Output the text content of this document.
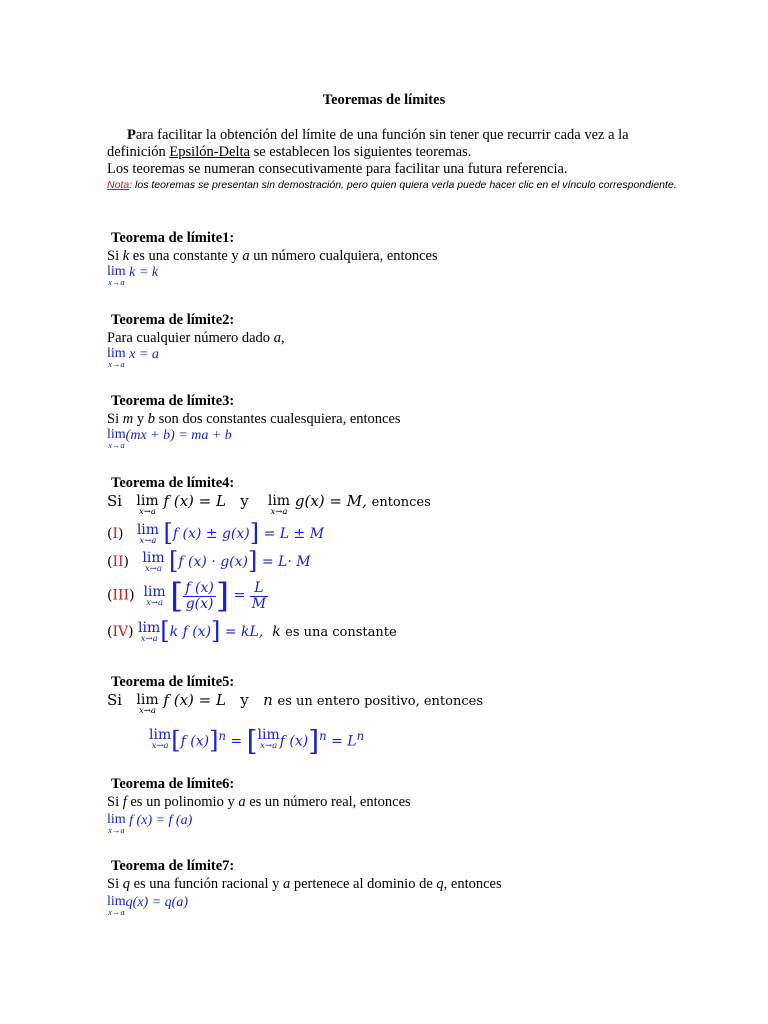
Teoremas de límites

Para facilitar la obtención del límite de una función sin tener que recurrir cada vez a la

definición Epsilón-Delta se establecen los siguientes teoremas.

Los teoremas se numeran consecutivamente para facilitar una futura referencia.

Nota: los teoremas se presentan sin demostración, pero quien quiera verla puede hacer clic en el vínculo correspondiente.

Teorema de límite1:
Si k es una constante y a un número cualquiera, entonces
lim
x→a
k = k
Teorema de límite2:
Para cualquier número dado a,
lim
x→a
x = a
Teorema de límite3:
Si m y b son dos constantes cualesquiera, entonces
lim
x→a
(mx + b) = ma + b
Teorema de límite4:
Si lim
x→a
f (x) = L y lim
x→a
g(x) = M, entonces
(I) lim
x→a [f (x) ± g(x)] = L ± M
(II) lim
x→a [f (x) · g(x)] = L· M
(III) lim
x→a [ $\frac{f (x)}{g(x)}$ ] = $\frac{L}{M}$
(IV) lim
x→a [k f (x)] = kL, k es una constante
Teorema de límite5:
Si lim
x→a
f (x) = L y n es un entero positivo, entonces
lim
x→a [f (x)]$^n$ = [lim
x→a f $(x)]^n = L^n$
Teorema de límite6:
Si f es un polinomio y a es un número real, entonces
lim
x→a
f (x) = f (a)
Teorema de límite7:
Si q es una función racional y a pertenece al dominio de q, entonces
lim
x→a
q(x) = q(a)
